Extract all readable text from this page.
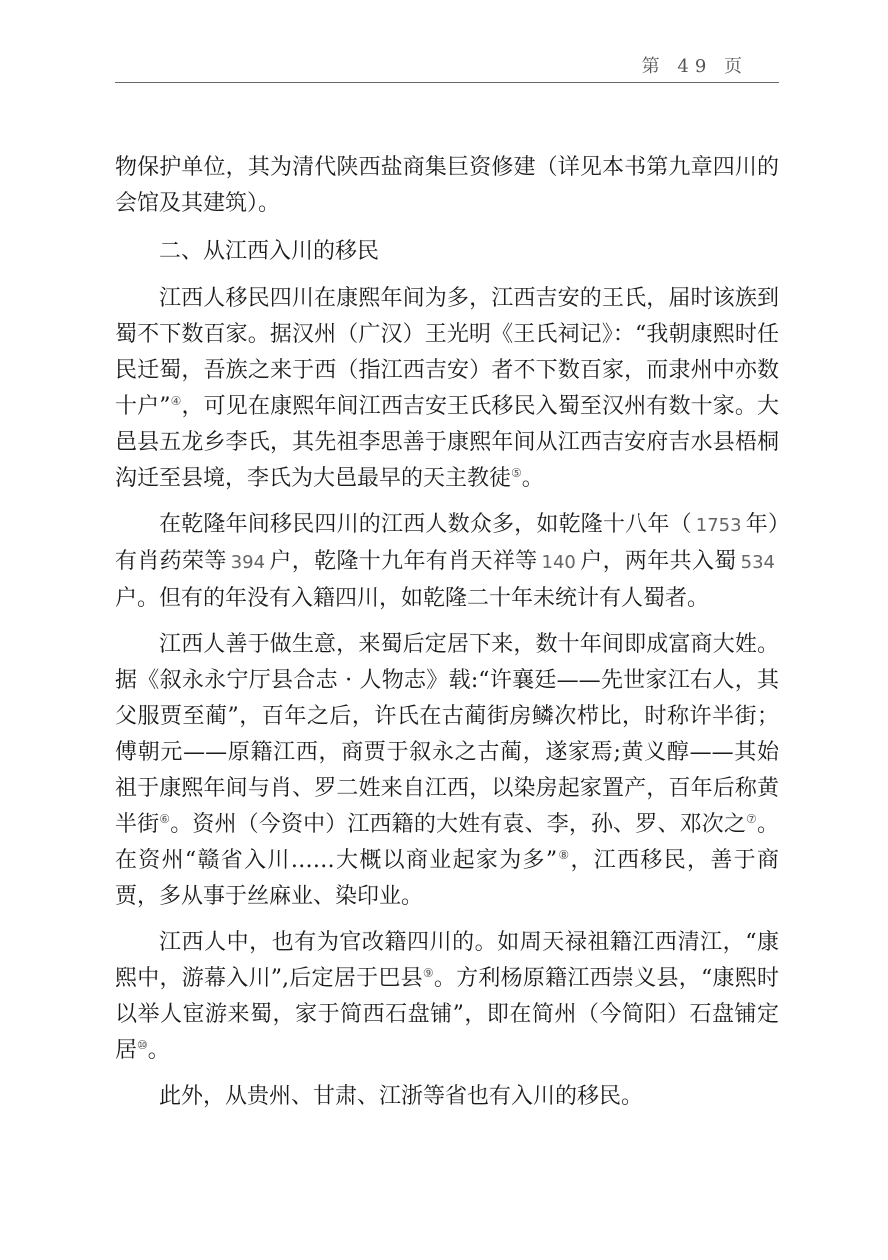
第 49 页

物保护单位，其为清代陕西盐商集巨资修建（详见本书第九章四川的会馆及其建筑）。

二、从江西入川的移民

江西人移民四川在康熙年间为多，江西吉安的王氏，届时该族到蜀不下数百家。据汉州（广汉）王光明《王氏祠记》：“我朝康熙时任民迁蜀，吾族之来于西（指江西吉安）者不下数百家，而隶州中亦数十户”④，可见在康熙年间江西吉安王氏移民入蜀至汉州有数十家。大邑县五龙乡李氏，其先祖李思善于康熙年间从江西吉安府吉水县梧桐沟迁至县境，李氏为大邑最早的天主教徒⑤。

在乾隆年间移民四川的江西人数众多，如乾隆十八年（ 1753 年）有肖药荣等 394 户，乾隆十九年有肖天祥等 140 户，两年共入蜀 534户。但有的年没有入籍四川，如乾隆二十年未统计有人蜀者。

江西人善于做生意，来蜀后定居下来，数十年间即成富商大姓。据《叙永永宁厅县合志 · 人物志》载:“许襄廷——先世家江右人，其父服贾至蔺”，百年之后，许氏在古蔺街房鳞次栉比，时称许半街；傅朝元——原籍江西，商贾于叙永之古蔺，遂家焉;黄义醇——其始祖于康熙年间与肖、罗二姓来自江西，以染房起家置产，百年后称黄半街⑥。资州（今资中）江西籍的大姓有袁、李，孙、罗、邓次之⑦。在资州“赣省入川……大概以商业起家为多”⑧，江西移民，善于商贾，多从事于丝麻业、染印业。

江西人中，也有为官改籍四川的。如周天禄祖籍江西清江，“康熙中，游幕入川”,后定居于巴县⑨。方利杨原籍江西崇义县，“康熙时以举人宦游来蜀，家于简西石盘铺”，即在简州（今简阳）石盘铺定居⑩。

此外，从贵州、甘肃、江浙等省也有入川的移民。
